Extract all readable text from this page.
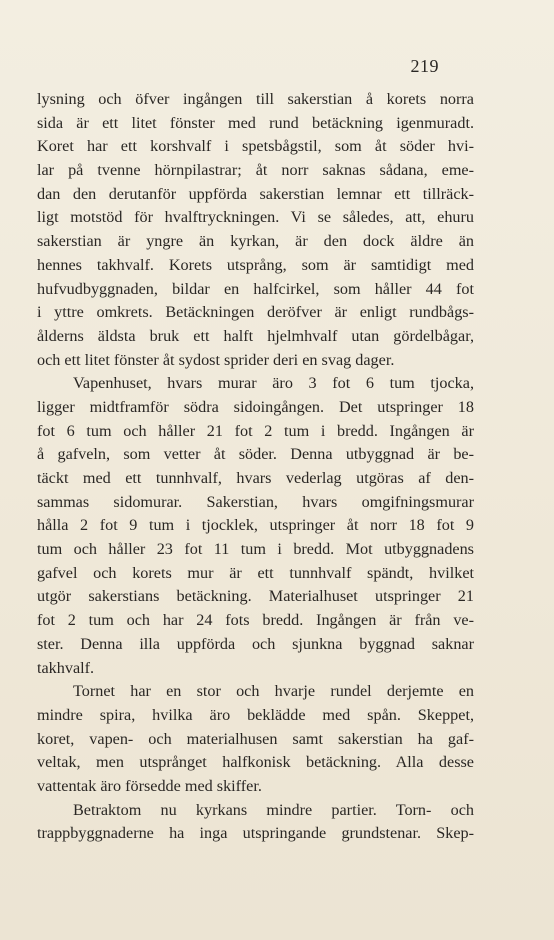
219
lysning och öfver ingången till sakerstian å korets norra
sida är ett litet fönster med rund betäckning igenmuradt.
Koret har ett korshvalf i spetsbågstil, som åt söder hvi-
lar på tvenne hörnpilastrar; åt norr saknas sådana, eme-
dan den derutanför uppförda sakerstian lemnar ett tillräck-
ligt motstöd för hvalftryckningen. Vi se således, att, ehuru
sakerstian är yngre än kyrkan, är den dock äldre än
hennes takhvalf. Korets utsprång, som är samtidigt med
hufvudbyggnaden, bildar en halfcirkel, som håller 44 fot
i yttre omkrets. Betäckningen deröfver är enligt rundbågs-
ålderns äldsta bruk ett halft hjelmhvalf utan gördelbågar,
och ett litet fönster åt sydost sprider deri en svag dager.
Vapenhuset, hvars murar äro 3 fot 6 tum tjocka,
ligger midtframför södra sidoingången. Det utspringer 18
fot 6 tum och håller 21 fot 2 tum i bredd. Ingången är
å gafveln, som vetter åt söder. Denna utbyggnad är be-
täckt med ett tunnhvalf, hvars vederlag utgöras af den-
sammas sidomurar. Sakerstian, hvars omgifningsmurar
hålla 2 fot 9 tum i tjocklek, utspringer åt norr 18 fot 9
tum och håller 23 fot 11 tum i bredd. Mot utbyggnadens
gafvel och korets mur är ett tunnhvalf spändt, hvilket
utgör sakerstians betäckning. Materialhuset utspringer 21
fot 2 tum och har 24 fots bredd. Ingången är från ve-
ster. Denna illa uppförda och sjunkna byggnad saknar
takhvalf.
Tornet har en stor och hvarje rundel derjemte en
mindre spira, hvilka äro beklädde med spån. Skeppet,
koret, vapen- och materialhusen samt sakerstian ha gaf-
veltak, men utsprånget halfkonisk betäckning. Alla desse
vattentak äro försedde med skiffer.
Betraktom nu kyrkans mindre partier. Torn- och
trappbyggnaderne ha inga utspringande grundstenar. Skep-
